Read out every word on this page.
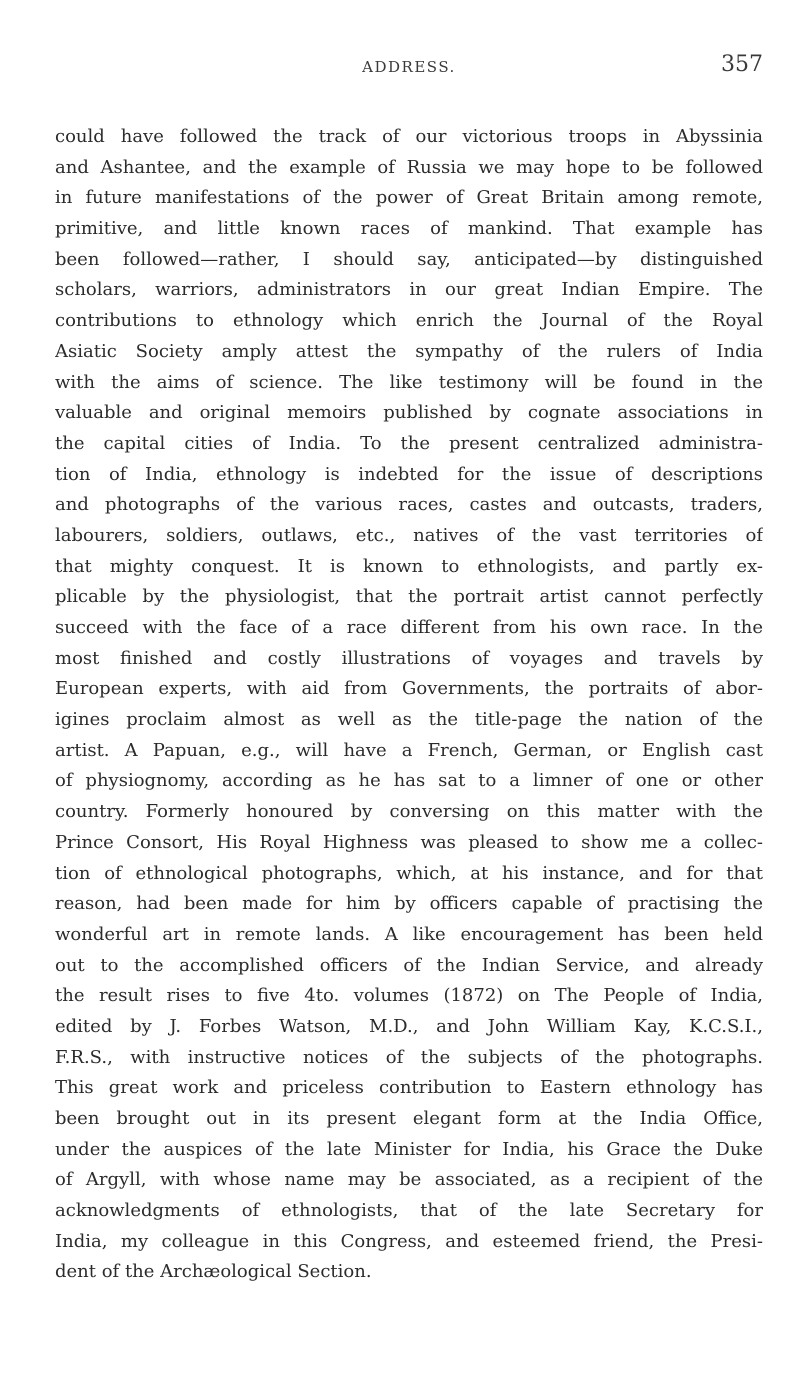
ADDRESS.	357
could have followed the track of our victorious troops in Abyssinia
and Ashantee, and the example of Russia we may hope to be followed
in future manifestations of the power of Great Britain among remote,
primitive, and little known races of mankind. That example has
been followed—rather, I should say, anticipated—by distinguished
scholars, warriors, administrators in our great Indian Empire. The
contributions to ethnology which enrich the Journal of the Royal
Asiatic Society amply attest the sympathy of the rulers of India
with the aims of science. The like testimony will be found in the
valuable and original memoirs published by cognate associations in
the capital cities of India. To the present centralized administra-
tion of India, ethnology is indebted for the issue of descriptions
and photographs of the various races, castes and outcasts, traders,
labourers, soldiers, outlaws, etc., natives of the vast territories of
that mighty conquest. It is known to ethnologists, and partly ex-
plicable by the physiologist, that the portrait artist cannot perfectly
succeed with the face of a race different from his own race. In the
most finished and costly illustrations of voyages and travels by
European experts, with aid from Governments, the portraits of abor-
igines proclaim almost as well as the title-page the nation of the
artist. A Papuan, e.g., will have a French, German, or English cast
of physiognomy, according as he has sat to a limner of one or other
country. Formerly honoured by conversing on this matter with the
Prince Consort, His Royal Highness was pleased to show me a collec-
tion of ethnological photographs, which, at his instance, and for that
reason, had been made for him by officers capable of practising the
wonderful art in remote lands. A like encouragement has been held
out to the accomplished officers of the Indian Service, and already
the result rises to five 4to. volumes (1872) on The People of India,
edited by J. Forbes Watson, M.D., and John William Kay, K.C.S.I.,
F.R.S., with instructive notices of the subjects of the photographs.
This great work and priceless contribution to Eastern ethnology has
been brought out in its present elegant form at the India Office,
under the auspices of the late Minister for India, his Grace the Duke
of Argyll, with whose name may be associated, as a recipient of the
acknowledgments of ethnologists, that of the late Secretary for
India, my colleague in this Congress, and esteemed friend, the Presi-
dent of the Archæological Section.
